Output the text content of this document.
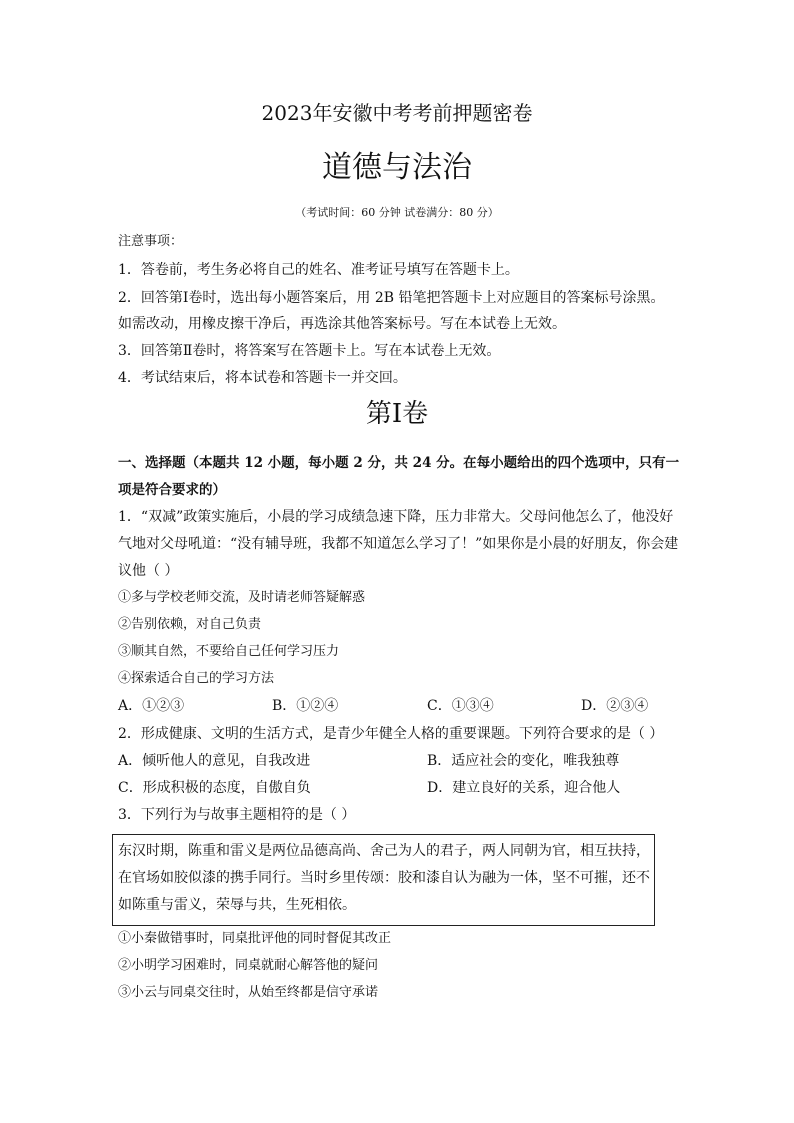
2023年安徽中考考前押题密卷
道德与法治
（考试时间：60 分钟 试卷满分：80 分）
注意事项：
1．答卷前，考生务必将自己的姓名、准考证号填写在答题卡上。
2．回答第Ⅰ卷时，选出每小题答案后，用 2B 铅笔把答题卡上对应题目的答案标号涂黑。
如需改动，用橡皮擦干净后，再选涂其他答案标号。写在本试卷上无效。
3．回答第Ⅱ卷时，将答案写在答题卡上。写在本试卷上无效。
4．考试结束后，将本试卷和答题卡一并交回。
第Ⅰ卷
一、选择题（本题共 12 小题，每小题 2 分，共 24 分。在每小题给出的四个选项中，只有一
项是符合要求的）
1．“双减”政策实施后，小晨的学习成绩急速下降，压力非常大。父母问他怎么了，他没好
气地对父母吼道：“没有辅导班，我都不知道怎么学习了！”如果你是小晨的好朋友，你会建
议他（ ）
①多与学校老师交流，及时请老师答疑解惑
②告别依赖，对自己负责
③顺其自然，不要给自己任何学习压力
④探索适合自己的学习方法
A．①②③	B．①②④	C．①③④	D．②③④
2．形成健康、文明的生活方式，是青少年健全人格的重要课题。下列符合要求的是（ ）
A．倾听他人的意见，自我改进	B．适应社会的变化，唯我独尊
C．形成积极的态度，自傲自负	D．建立良好的关系，迎合他人
3．下列行为与故事主题相符的是（ ）
东汉时期，陈重和雷义是两位品德高尚、舍己为人的君子，两人同朝为官，相互扶持，
在官场如胶似漆的携手同行。当时乡里传颂：胶和漆自认为融为一体，坚不可摧，还不
如陈重与雷义，荣辱与共，生死相依。
①小秦做错事时，同桌批评他的同时督促其改正
②小明学习困难时，同桌就耐心解答他的疑问
③小云与同桌交往时，从始至终都是信守承诺
